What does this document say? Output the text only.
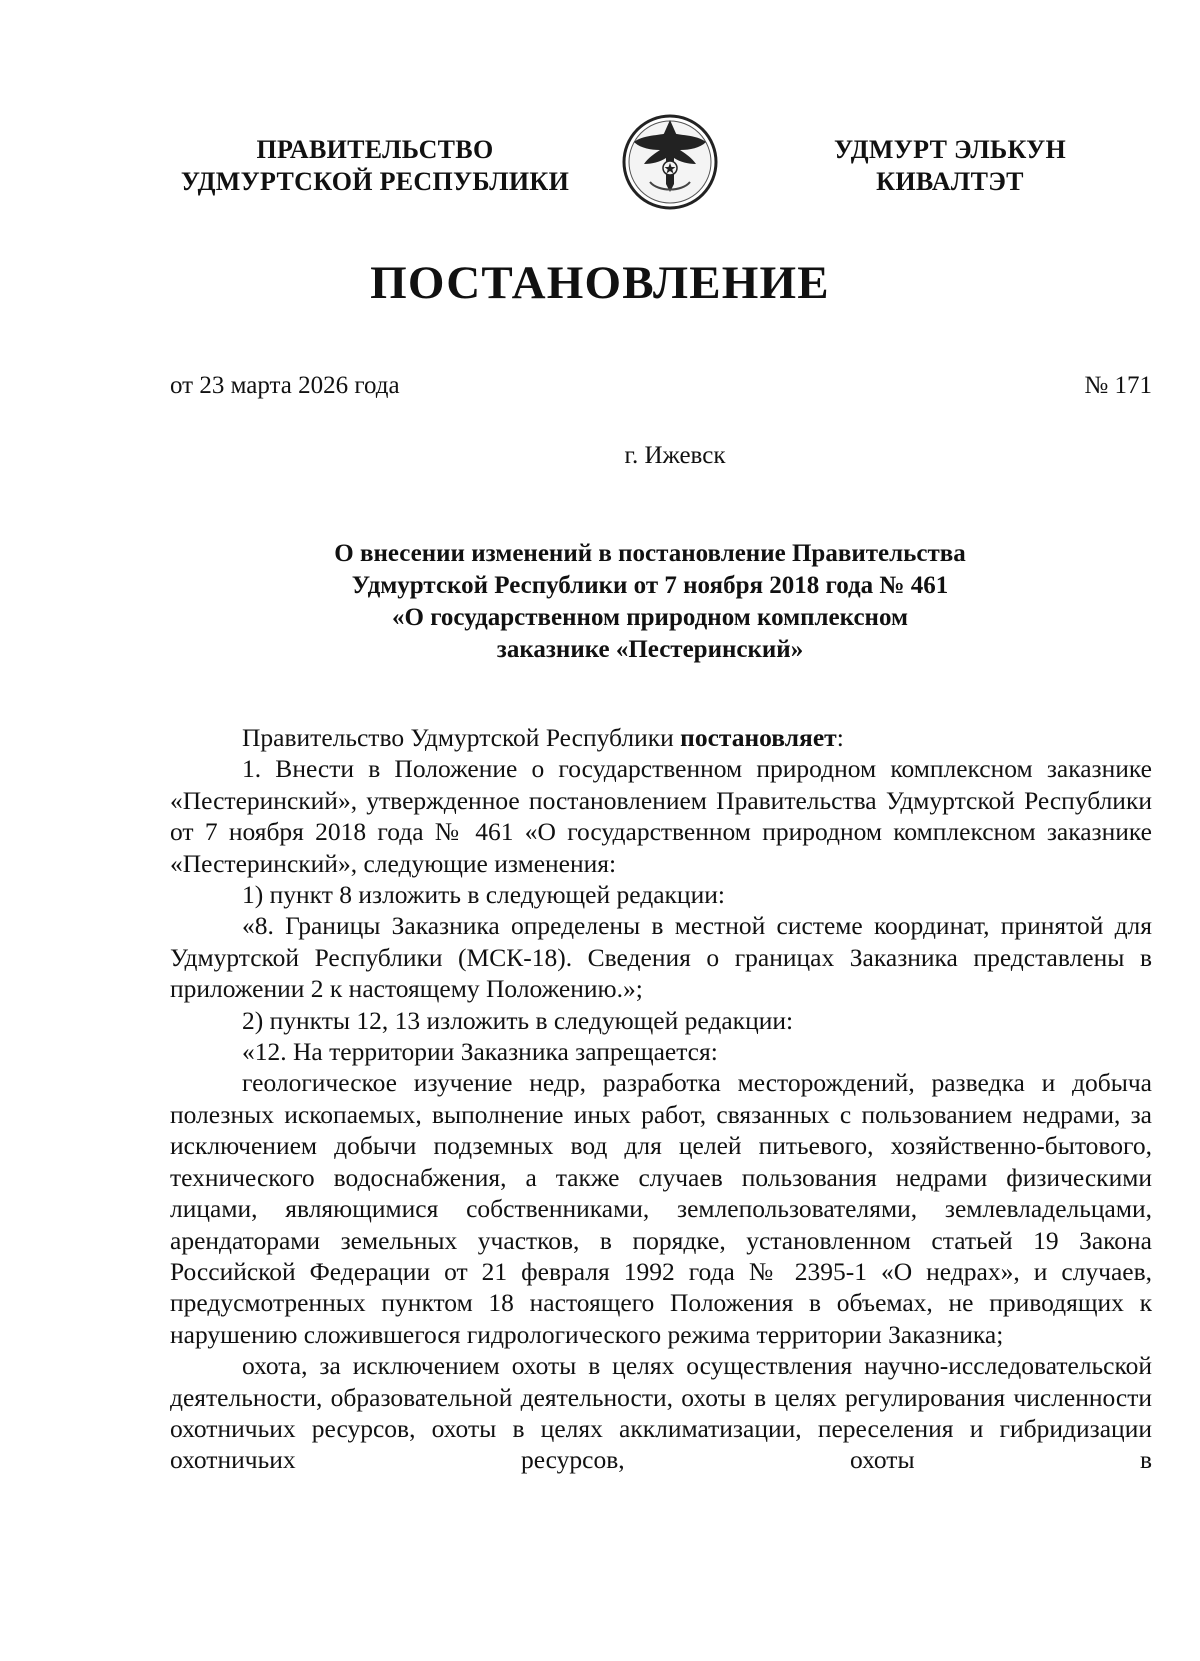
ПРАВИТЕЛЬСТВО
УДМУРТСКОЙ РЕСПУБЛИКИ
УДМУРТ ЭЛЬКУН
КИВАЛТЭТ
ПОСТАНОВЛЕНИЕ
от 23 марта 2026 года	№ 171
г. Ижевск
О внесении изменений в постановление Правительства
Удмуртской Республики от 7 ноября 2018 года № 461
«О государственном природном комплексном
заказнике «Пестеринский»

Правительство Удмуртской Республики постановляет:

1. Внести в Положение о государственном природном комплексном заказнике «Пестеринский», утвержденное постановлением Правительства Удмуртской Республики от 7 ноября 2018 года № 461 «О государственном природном комплексном заказнике «Пестеринский», следующие изменения:

1) пункт 8 изложить в следующей редакции:

«8. Границы Заказника определены в местной системе координат, принятой для Удмуртской Республики (МСК-18). Сведения о границах Заказника представлены в приложении 2 к настоящему Положению.»;

2) пункты 12, 13 изложить в следующей редакции:

«12. На территории Заказника запрещается:

геологическое изучение недр, разработка месторождений, разведка и добыча полезных ископаемых, выполнение иных работ, связанных с пользованием недрами, за исключением добычи подземных вод для целей питьевого, хозяйственно-бытового, технического водоснабжения, а также случаев пользования недрами физическими лицами, являющимися собственниками, землепользователями, землевладельцами, арендаторами земельных участков, в порядке, установленном статьей 19 Закона Российской Федерации от 21 февраля 1992 года № 2395-1 «О недрах», и случаев, предусмотренных пунктом 18 настоящего Положения в объемах, не приводящих к нарушению сложившегося гидрологического режима территории Заказника;

охота, за исключением охоты в целях осуществления научно-исследовательской деятельности, образовательной деятельности, охоты в целях регулирования численности охотничьих ресурсов, охоты в целях акклиматизации, переселения и гибридизации охотничьих ресурсов, охоты в
